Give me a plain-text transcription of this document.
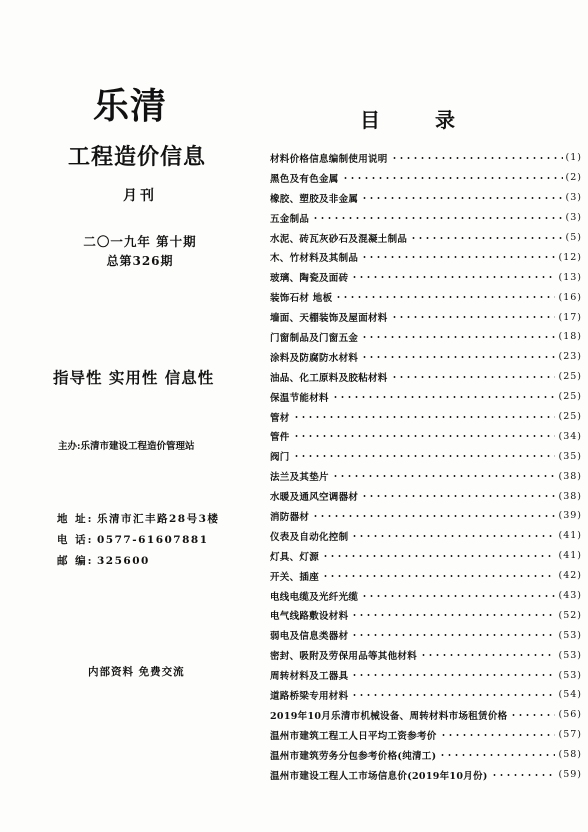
乐清
工程造价信息
月刊
二〇一九年 第十期
总第326期
指导性 实用性 信息性
主办:乐清市建设工程造价管理站
地 址: 乐清市汇丰路28号3楼
电 话: 0577-61607881
邮 编: 325600
内部资料 免费交流
目 录
材料价格信息编制使用说明	(1)
黑色及有色金属	(2)
橡胶、塑胶及非金属	(3)
五金制品	(3)
水泥、砖瓦灰砂石及混凝土制品	(5)
木、竹材料及其制品	(12)
玻璃、陶瓷及面砖	(13)
装饰石材 地板	(16)
墙面、天棚装饰及屋面材料	(17)
门窗制品及门窗五金	(18)
涂料及防腐防水材料	(23)
油品、化工原料及胶粘材料	(25)
保温节能材料	(25)
管材	(25)
管件	(34)
阀门	(35)
法兰及其垫片	(38)
水暖及通风空调器材	(38)
消防器材	(39)
仪表及自动化控制	(41)
灯具、灯源	(41)
开关、插座	(42)
电线电缆及光纤光缆	(43)
电气线路敷设材料	(52)
弱电及信息类器材	(53)
密封、吸附及劳保用品等其他材料	(53)
周转材料及工器具	(53)
道路桥梁专用材料	(54)
2019年10月乐清市机械设备、周转材料市场租赁价格	(56)
温州市建筑工程工人日平均工资参考价	(57)
温州市建筑劳务分包参考价格(纯清工)	(58)
温州市建设工程人工市场信息价(2019年10月份)	(59)
